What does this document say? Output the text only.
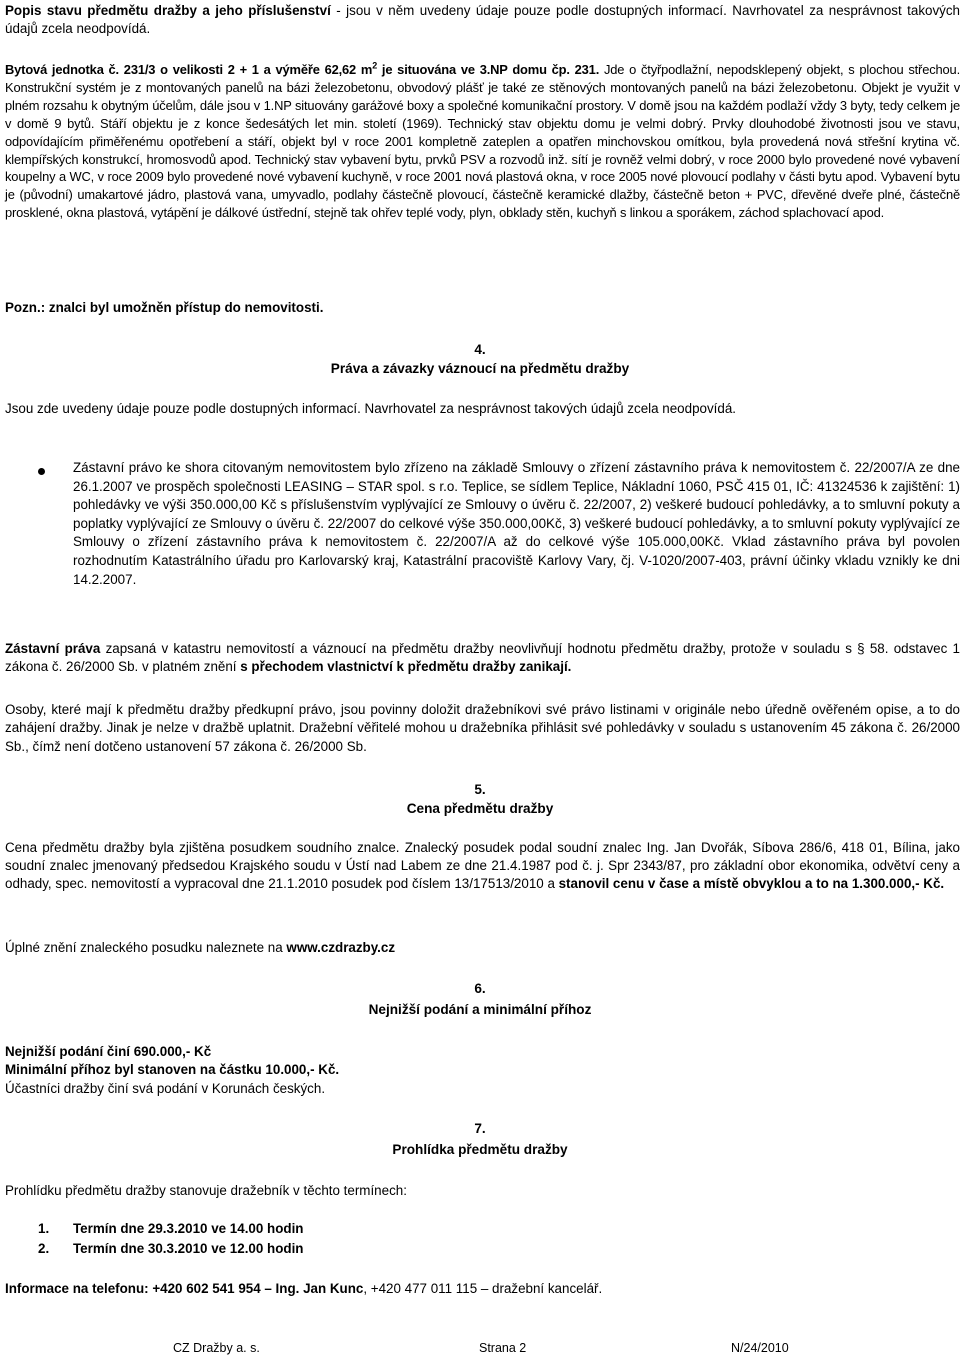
Popis stavu předmětu dražby a jeho příslušenství - jsou v něm uvedeny údaje pouze podle dostupných informací. Navrhovatel za nesprávnost takových údajů zcela neodpovídá.
Bytová jednotka č. 231/3 o velikosti 2 + 1 a výměře 62,62 $m^2$ je situována ve 3.NP domu čp. 231. Jde o čtyřpodlažní, nepodsklepený objekt, s plochou střechou. Konstrukční systém je z montovaných panelů na bázi železobetonu, obvodový plášť je také ze stěnových montovaných panelů na bázi železobetonu. Objekt je využit v plném rozsahu k obytným účelům, dále jsou v 1.NP situovány garážové boxy a společné komunikační prostory. V domě jsou na každém podlaží vždy 3 byty, tedy celkem je v domě 9 bytů. Stáří objektu je z konce šedesátých let min. století (1969). Technický stav objektu domu je velmi dobrý. Prvky dlouhodobé životnosti jsou ve stavu, odpovídajícím přiměřenému opotřebení a stáří, objekt byl v roce 2001 kompletně zateplen a opatřen minchovskou omítkou, byla provedená nová střešní krytina vč. klempířských konstrukcí, hromosvodů apod. Technický stav vybavení bytu, prvků PSV a rozvodů inž. sítí je rovněž velmi dobrý, v roce 2000 bylo provedené nové vybavení koupelny a WC, v roce 2009 bylo provedené nové vybavení kuchyně, v roce 2001 nová plastová okna, v roce 2005 nové plovoucí podlahy v části bytu apod. Vybavení bytu je (původní) umakartové jádro, plastová vana, umyvadlo, podlahy částečně plovoucí, částečně keramické dlažby, částečně beton + PVC, dřevěné dveře plné, částečně prosklené, okna plastová, vytápění je dálkové ústřední, stejně tak ohřev teplé vody, plyn, obklady stěn, kuchyň s linkou a sporákem, záchod splachovací apod.
Pozn.: znalci byl umožněn přístup do nemovitosti.
4.
Práva a závazky váznoucí na předmětu dražby
Jsou zde uvedeny údaje pouze podle dostupných informací. Navrhovatel za nesprávnost takových údajů zcela neodpovídá.
Zástavní právo ke shora citovaným nemovitostem bylo zřízeno na základě Smlouvy o zřízení zástavního práva k nemovitostem č. 22/2007/A ze dne 26.1.2007 ve prospěch společnosti LEASING – STAR spol. s r.o. Teplice, se sídlem Teplice, Nákladní 1060, PSČ 415 01, IČ: 41324536 k zajištění: 1) pohledávky ve výši 350.000,00 Kč s příslušenstvím vyplývající ze Smlouvy o úvěru č. 22/2007, 2) veškeré budoucí pohledávky, a to smluvní pokuty a poplatky vyplývající ze Smlouvy o úvěru č. 22/2007 do celkové výše 350.000,00Kč, 3) veškeré budoucí pohledávky, a to smluvní pokuty vyplývající ze Smlouvy o zřízení zástavního práva k nemovitostem č. 22/2007/A až do celkové výše 105.000,00Kč. Vklad zástavního práva byl povolen rozhodnutím Katastrálního úřadu pro Karlovarský kraj, Katastrální pracoviště Karlovy Vary, čj. V-1020/2007-403, právní účinky vkladu vznikly ke dni 14.2.2007.
Zástavní práva zapsaná v katastru nemovitostí a váznoucí na předmětu dražby neovlivňují hodnotu předmětu dražby, protože v souladu s § 58. odstavec 1 zákona č. 26/2000 Sb. v platném znění s přechodem vlastnictví k předmětu dražby zanikají.
Osoby, které mají k předmětu dražby předkupní právo, jsou povinny doložit dražebníkovi své právo listinami v originále nebo úředně ověřeném opise, a to do zahájení dražby. Jinak je nelze v dražbě uplatnit. Dražební věřitelé mohou u dražebníka přihlásit své pohledávky v souladu s ustanovením 45 zákona č. 26/2000 Sb., čímž není dotčeno ustanovení 57 zákona č. 26/2000 Sb.
5.
Cena předmětu dražby
Cena předmětu dražby byla zjištěna posudkem soudního znalce. Znalecký posudek podal soudní znalec Ing. Jan Dvořák, Síbova 286/6, 418 01, Bílina, jako soudní znalec jmenovaný předsedou Krajského soudu v Ústí nad Labem ze dne 21.4.1987 pod č. j. Spr 2343/87, pro základní obor ekonomika, odvětví ceny a odhady, spec. nemovitostí a vypracoval dne 21.1.2010 posudek pod číslem 13/17513/2010 a stanovil cenu v čase a místě obvyklou a to na 1.300.000,- Kč.
Úplné znění znaleckého posudku naleznete na www.czdrazby.cz
6.
Nejnižší podání a minimální příhoz
Nejnižší podání činí 690.000,- Kč
Minimální příhoz byl stanoven na částku 10.000,- Kč.
Účastníci dražby činí svá podání v Korunách českých.
7.
Prohlídka předmětu dražby
Prohlídku předmětu dražby stanovuje dražebník v těchto termínech:
1. Termín dne 29.3.2010 ve 14.00 hodin
2. Termín dne 30.3.2010 ve 12.00 hodin
Informace na telefonu: +420 602 541 954 – Ing. Jan Kunc, +420 477 011 115 – dražební kancelář.
CZ Dražby a. s.	Strana 2	N/24/2010
